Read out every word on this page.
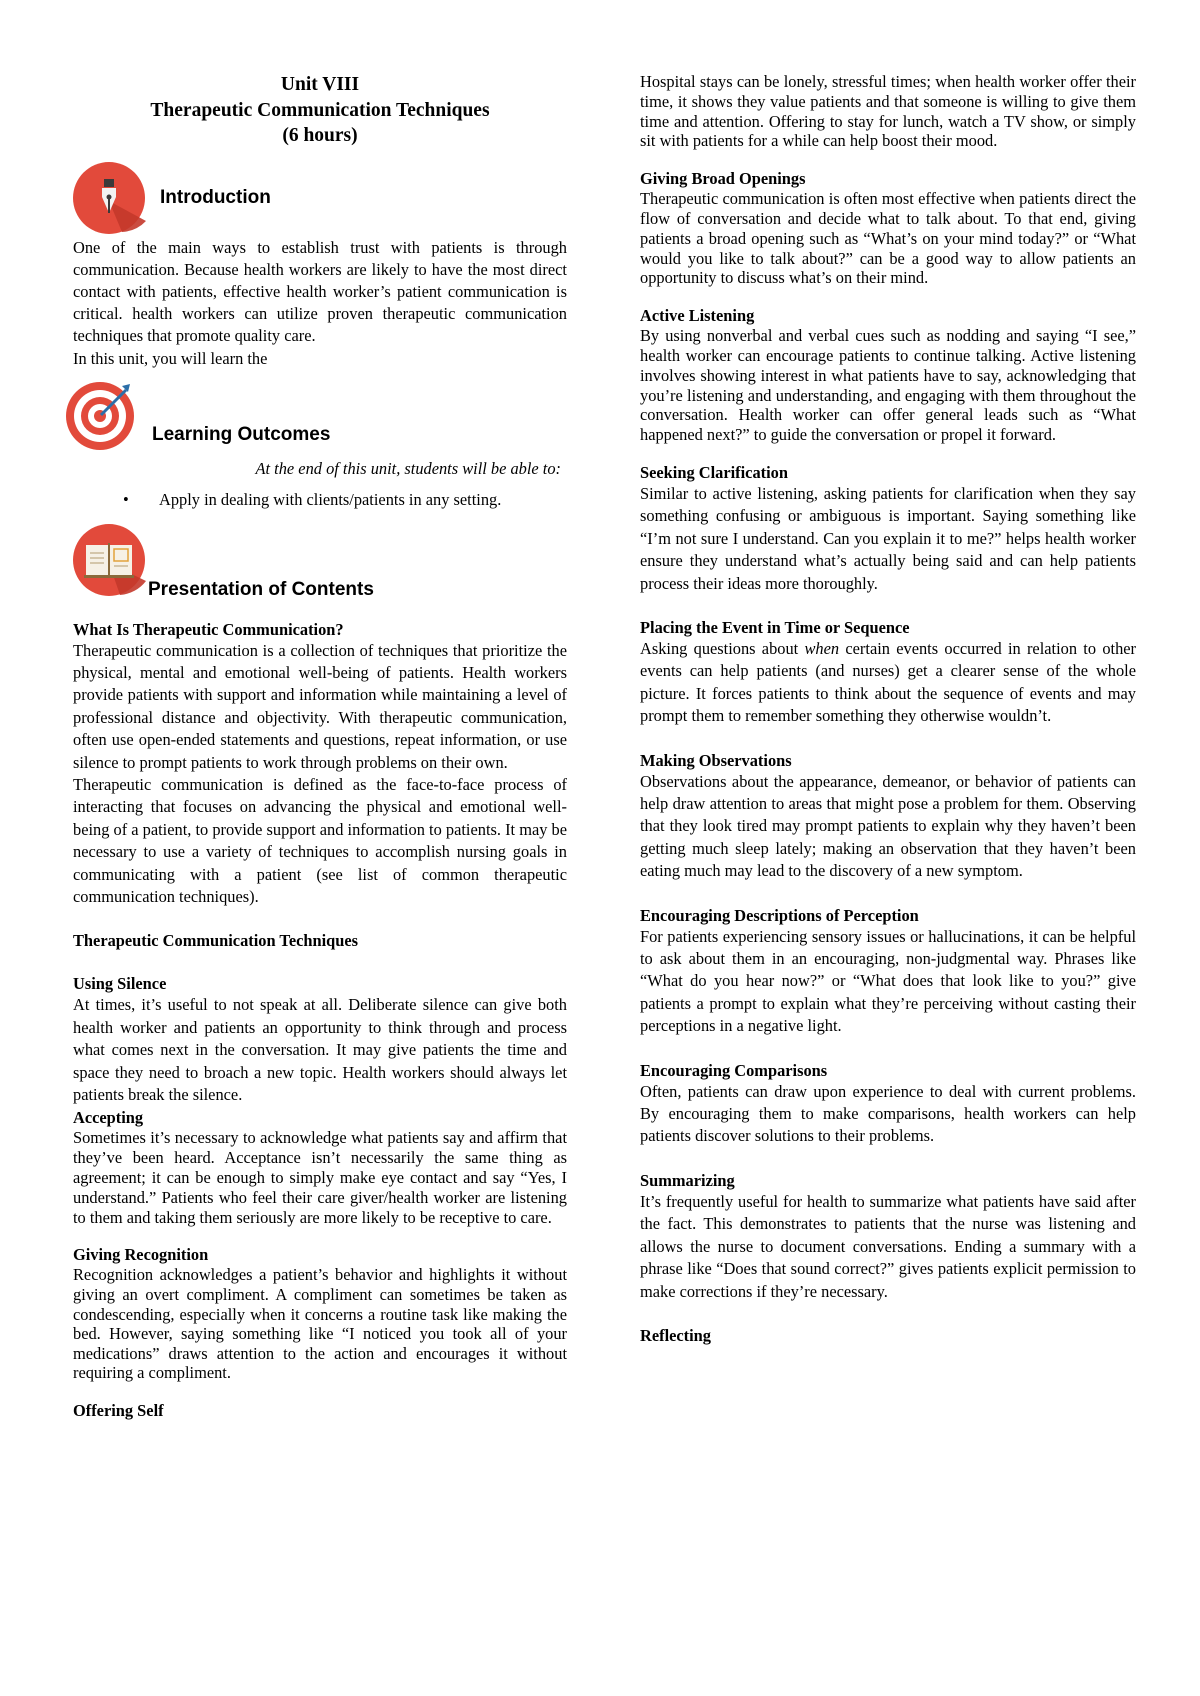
Unit VIII
Therapeutic Communication Techniques
(6 hours)
Introduction

One of the main ways to establish trust with patients is through communication. Because health workers are likely to have the most direct contact with patients, effective health worker’s patient communication is critical. health workers can utilize proven therapeutic communication techniques that promote quality care.

In this unit, you will learn the

Learning Outcomes

At the end of this unit, students will be able to:

•	Apply in dealing with clients/patients in any setting.
Presentation of Contents

What Is Therapeutic Communication?

Therapeutic communication is a collection of techniques that prioritize the physical, mental and emotional well-being of patients. Health workers provide patients with support and information while maintaining a level of professional distance and objectivity. With therapeutic communication, often use open-ended statements and questions, repeat information, or use silence to prompt patients to work through problems on their own.

Therapeutic communication is defined as the face-to-face process of interacting that focuses on advancing the physical and emotional well-being of a patient, to provide support and information to patients. It may be necessary to use a variety of techniques to accomplish nursing goals in communicating with a patient (see list of common therapeutic communication techniques).

Therapeutic Communication Techniques

Using Silence

At times, it’s useful to not speak at all. Deliberate silence can give both health worker and patients an opportunity to think through and process what comes next in the conversation. It may give patients the time and space they need to broach a new topic. Health workers should always let patients break the silence.

Accepting

Sometimes it’s necessary to acknowledge what patients say and affirm that they’ve been heard. Acceptance isn’t necessarily the same thing as agreement; it can be enough to simply make eye contact and say “Yes, I understand.” Patients who feel their care giver/health worker are listening to them and taking them seriously are more likely to be receptive to care.

Giving Recognition

Recognition acknowledges a patient’s behavior and highlights it without giving an overt compliment. A compliment can sometimes be taken as condescending, especially when it concerns a routine task like making the bed. However, saying something like “I noticed you took all of your medications” draws attention to the action and encourages it without requiring a compliment.

Offering Self

Hospital stays can be lonely, stressful times; when health worker offer their time, it shows they value patients and that someone is willing to give them time and attention. Offering to stay for lunch, watch a TV show, or simply sit with patients for a while can help boost their mood.

Giving Broad Openings

Therapeutic communication is often most effective when patients direct the flow of conversation and decide what to talk about. To that end, giving patients a broad opening such as “What’s on your mind today?” or “What would you like to talk about?” can be a good way to allow patients an opportunity to discuss what’s on their mind.

Active Listening

By using nonverbal and verbal cues such as nodding and saying “I see,” health worker can encourage patients to continue talking. Active listening involves showing interest in what patients have to say, acknowledging that you’re listening and understanding, and engaging with them throughout the conversation. Health worker can offer general leads such as “What happened next?” to guide the conversation or propel it forward.

Seeking Clarification

Similar to active listening, asking patients for clarification when they say something confusing or ambiguous is important. Saying something like “I’m not sure I understand. Can you explain it to me?” helps health worker ensure they understand what’s actually being said and can help patients process their ideas more thoroughly.

Placing the Event in Time or Sequence

Asking questions about when certain events occurred in relation to other events can help patients (and nurses) get a clearer sense of the whole picture. It forces patients to think about the sequence of events and may prompt them to remember something they otherwise wouldn’t.

Making Observations

Observations about the appearance, demeanor, or behavior of patients can help draw attention to areas that might pose a problem for them. Observing that they look tired may prompt patients to explain why they haven’t been getting much sleep lately; making an observation that they haven’t been eating much may lead to the discovery of a new symptom.

Encouraging Descriptions of Perception

For patients experiencing sensory issues or hallucinations, it can be helpful to ask about them in an encouraging, non-judgmental way. Phrases like “What do you hear now?” or “What does that look like to you?” give patients a prompt to explain what they’re perceiving without casting their perceptions in a negative light.

Encouraging Comparisons

Often, patients can draw upon experience to deal with current problems. By encouraging them to make comparisons, health workers can help patients discover solutions to their problems.

Summarizing

It’s frequently useful for health to summarize what patients have said after the fact. This demonstrates to patients that the nurse was listening and allows the nurse to document conversations. Ending a summary with a phrase like “Does that sound correct?” gives patients explicit permission to make corrections if they’re necessary.

Reflecting
